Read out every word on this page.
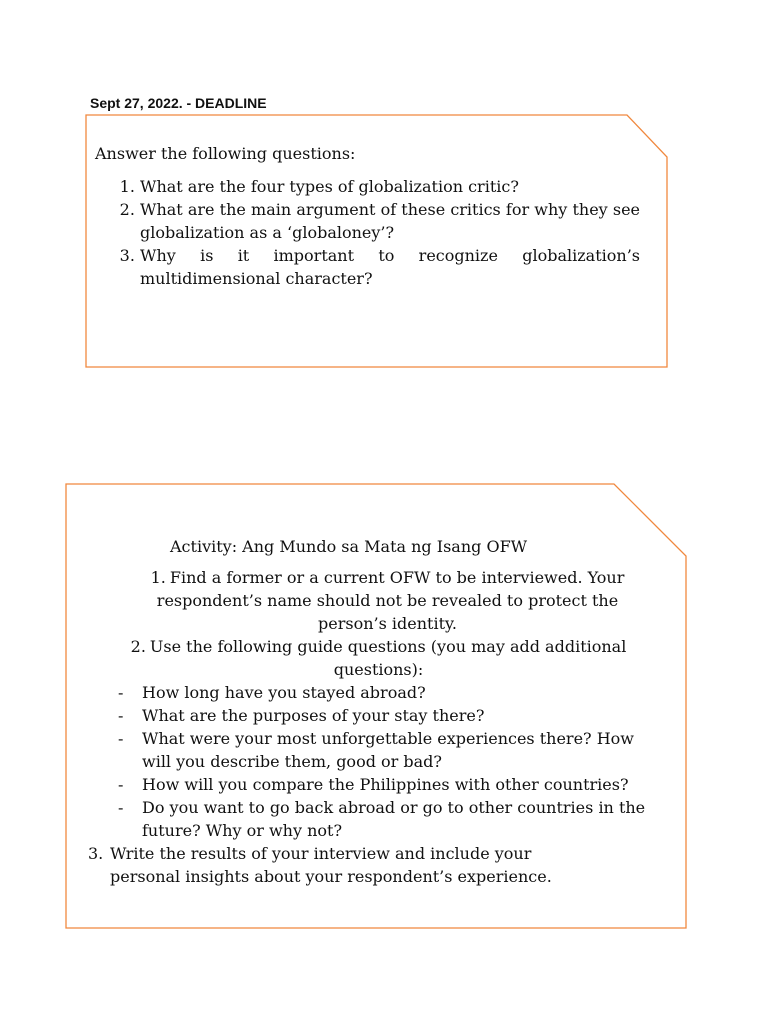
Sept 27, 2022. - DEADLINE

Answer the following questions:

1. What are the four types of globalization critic?
2. What are the main argument of these critics for why they see globalization as a ‘globaloney’?
3. Why is it important to recognize globalization’s multidimensional character?

Activity: Ang Mundo sa Mata ng Isang OFW

1. Find a former or a current OFW to be interviewed. Your respondent’s name should not be revealed to protect the person’s identity.

2. Use the following guide questions (you may add additional questions):

- How long have you stayed abroad?
- What are the purposes of your stay there?
- What were your most unforgettable experiences there? How will you describe them, good or bad?
- How will you compare the Philippines with other countries?
- Do you want to go back abroad or go to other countries in the future? Why or why not?

3. Write the results of your interview and include your personal insights about your respondent’s experience.
